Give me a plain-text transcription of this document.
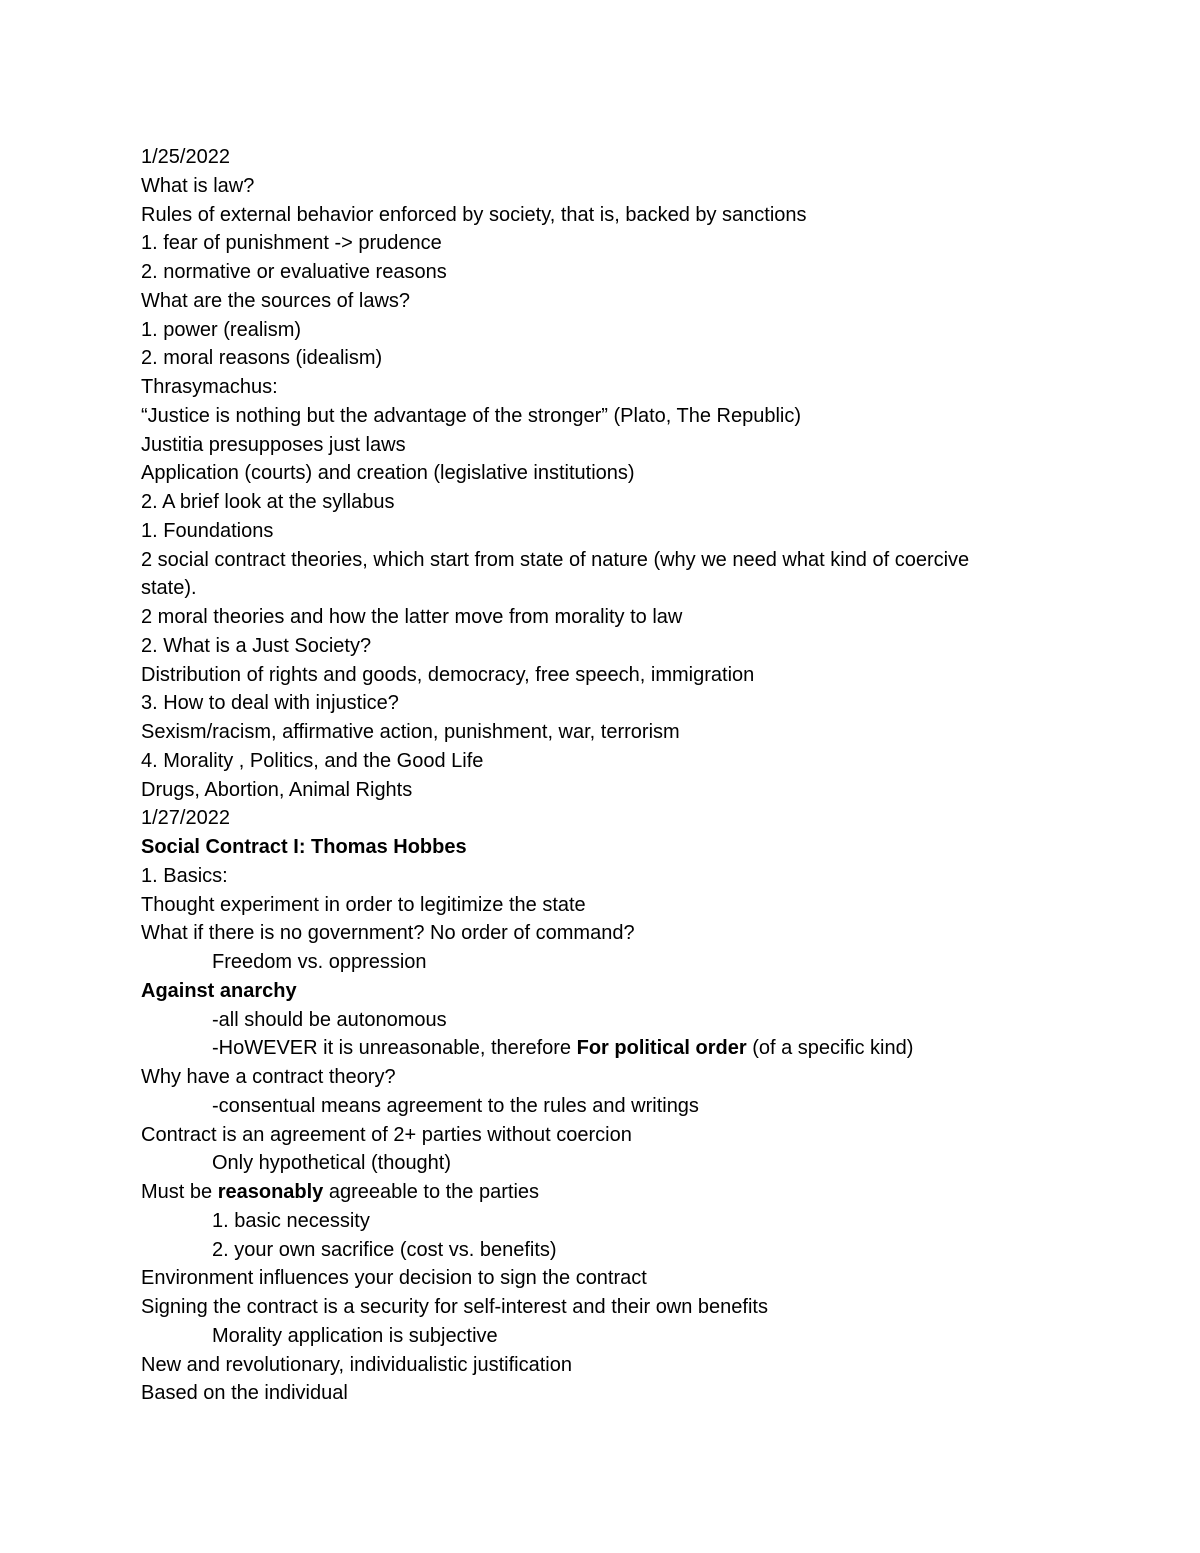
1/25/2022
What is law?
Rules of external behavior enforced by society, that is, backed by sanctions
1. fear of punishment -> prudence
2. normative or evaluative reasons
What are the sources of laws?
1. power (realism)
2. moral reasons (idealism)
Thrasymachus:
“Justice is nothing but the advantage of the stronger” (Plato, The Republic)
Justitia presupposes just laws
Application (courts) and creation (legislative institutions)
2. A brief look at the syllabus
1. Foundations
2 social contract theories, which start from state of nature (why we need what kind of coercive
state).
2 moral theories and how the latter move from morality to law
2. What is a Just Society?
Distribution of rights and goods, democracy, free speech, immigration
3. How to deal with injustice?
Sexism/racism, affirmative action, punishment, war, terrorism
4. Morality , Politics, and the Good Life
Drugs, Abortion, Animal Rights
1/27/2022
Social Contract I: Thomas Hobbes
1. Basics:
Thought experiment in order to legitimize the state
What if there is no government? No order of command?
Freedom vs. oppression
Against anarchy
-all should be autonomous
-HoWEVER it is unreasonable, therefore For political order (of a specific kind)
Why have a contract theory?
-consentual means agreement to the rules and writings
Contract is an agreement of 2+ parties without coercion
Only hypothetical (thought)
Must be reasonably agreeable to the parties
1. basic necessity
2. your own sacrifice (cost vs. benefits)
Environment influences your decision to sign the contract
Signing the contract is a security for self-interest and their own benefits
Morality application is subjective
New and revolutionary, individualistic justification
Based on the individual
